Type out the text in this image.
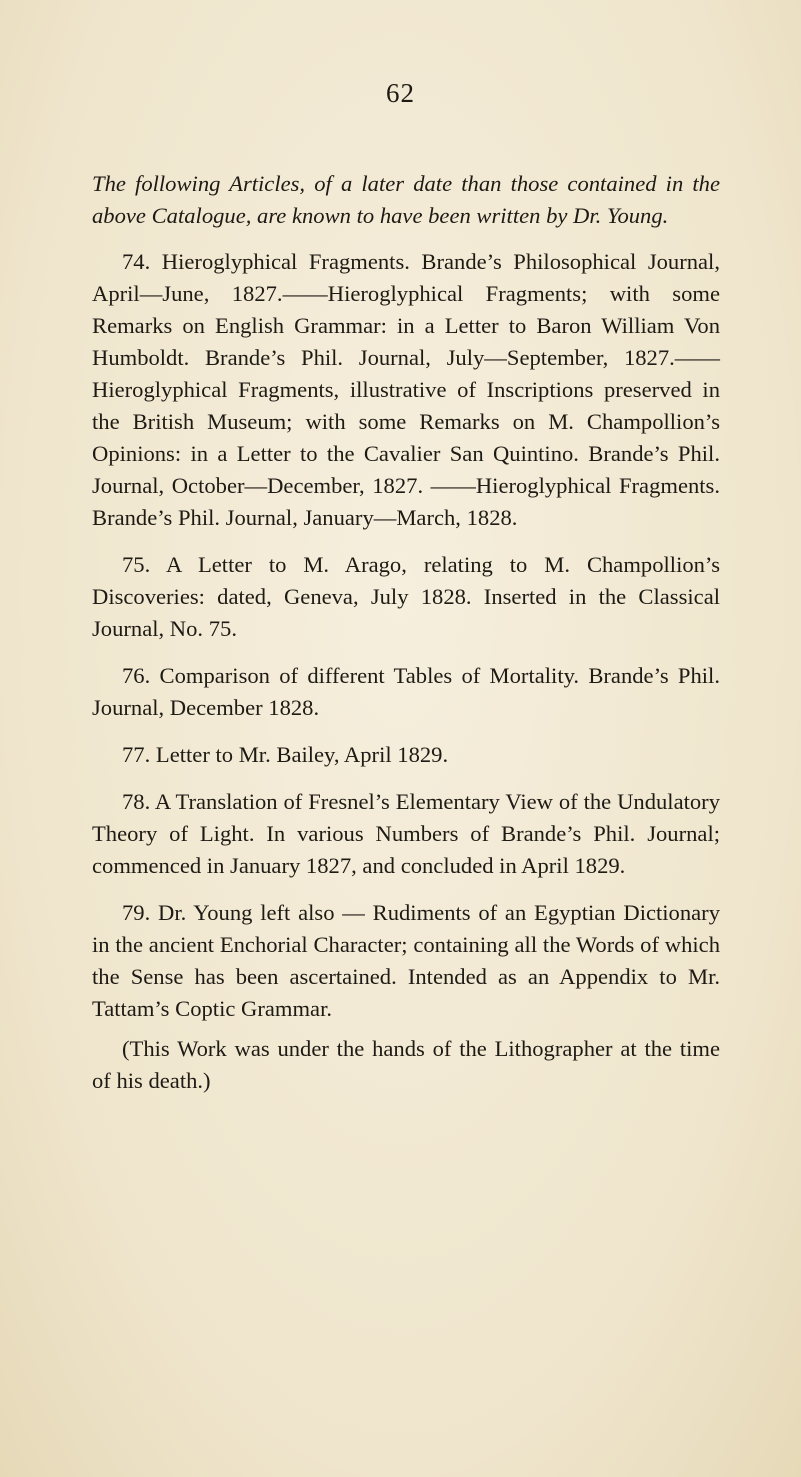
62

The following Articles, of a later date than those contained in the above Catalogue, are known to have been written by Dr. Young.

74. Hieroglyphical Fragments. Brande’s Philosophical Journal, April—June, 1827.——Hieroglyphical Fragments; with some Remarks on English Grammar: in a Letter to Baron William Von Humboldt. Brande’s Phil. Journal, July—September, 1827.——Hieroglyphical Fragments, illustrative of Inscriptions preserved in the British Museum; with some Remarks on M. Champollion’s Opinions: in a Letter to the Cavalier San Quintino. Brande’s Phil. Journal, October—December, 1827. ——Hieroglyphical Fragments. Brande’s Phil. Journal, January—March, 1828.

75. A Letter to M. Arago, relating to M. Champollion’s Discoveries: dated, Geneva, July 1828. Inserted in the Classical Journal, No. 75.

76. Comparison of different Tables of Mortality. Brande’s Phil. Journal, December 1828.

77. Letter to Mr. Bailey, April 1829.

78. A Translation of Fresnel’s Elementary View of the Undulatory Theory of Light. In various Numbers of Brande’s Phil. Journal; commenced in January 1827, and concluded in April 1829.

79. Dr. Young left also — Rudiments of an Egyptian Dictionary in the ancient Enchorial Character; containing all the Words of which the Sense has been ascertained. Intended as an Appendix to Mr. Tattam’s Coptic Grammar.

(This Work was under the hands of the Lithographer at the time of his death.)
